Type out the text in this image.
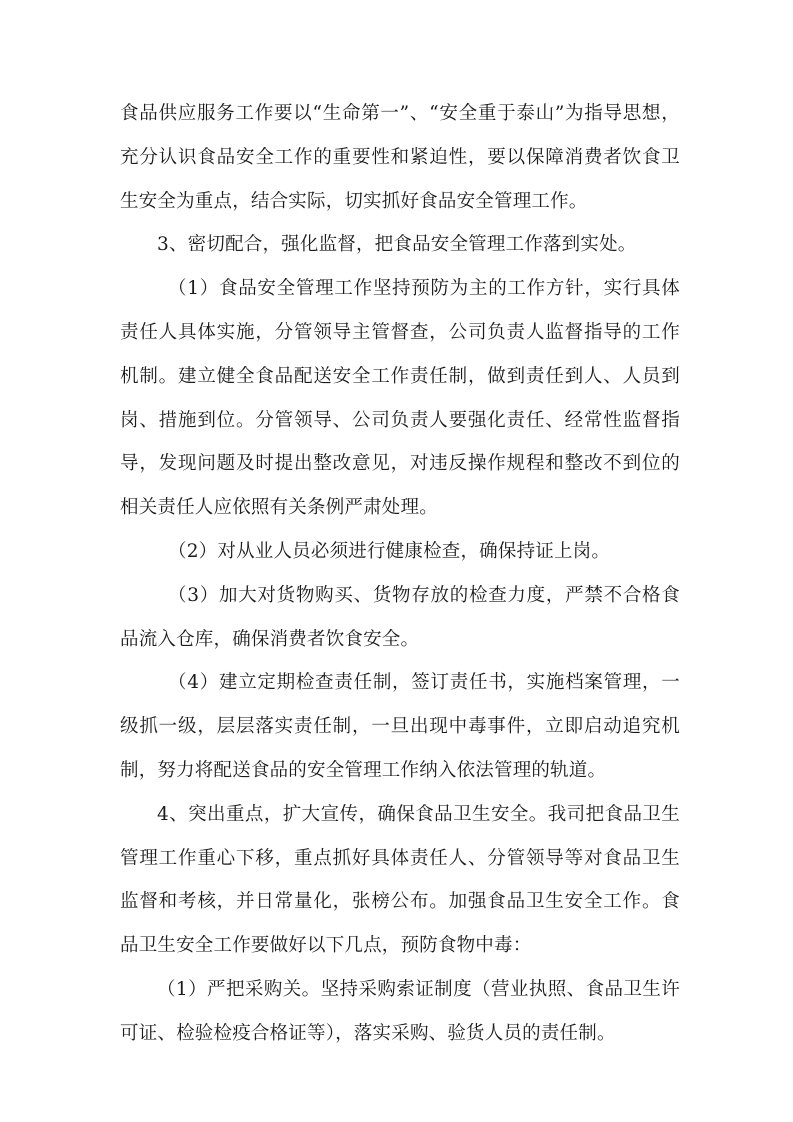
食品供应服务工作要以“生命第一”、“安全重于泰山”为指导思想，充分认识食品安全工作的重要性和紧迫性，要以保障消费者饮食卫生安全为重点，结合实际，切实抓好食品安全管理工作。

3、密切配合，强化监督，把食品安全管理工作落到实处。

（1）食品安全管理工作坚持预防为主的工作方针，实行具体责任人具体实施，分管领导主管督查，公司负责人监督指导的工作机制。建立健全食品配送安全工作责任制，做到责任到人、人员到岗、措施到位。分管领导、公司负责人要强化责任、经常性监督指导，发现问题及时提出整改意见，对违反操作规程和整改不到位的相关责任人应依照有关条例严肃处理。

（2）对从业人员必须进行健康检查，确保持证上岗。

（3）加大对货物购买、货物存放的检查力度，严禁不合格食品流入仓库，确保消费者饮食安全。

（4）建立定期检查责任制，签订责任书，实施档案管理，一级抓一级，层层落实责任制，一旦出现中毒事件，立即启动追究机制，努力将配送食品的安全管理工作纳入依法管理的轨道。

4、突出重点，扩大宣传，确保食品卫生安全。我司把食品卫生管理工作重心下移，重点抓好具体责任人、分管领导等对食品卫生监督和考核，并日常量化，张榜公布。加强食品卫生安全工作。食品卫生安全工作要做好以下几点，预防食物中毒：

（1）严把采购关。坚持采购索证制度（营业执照、食品卫生许可证、检验检疫合格证等），落实采购、验货人员的责任制。
